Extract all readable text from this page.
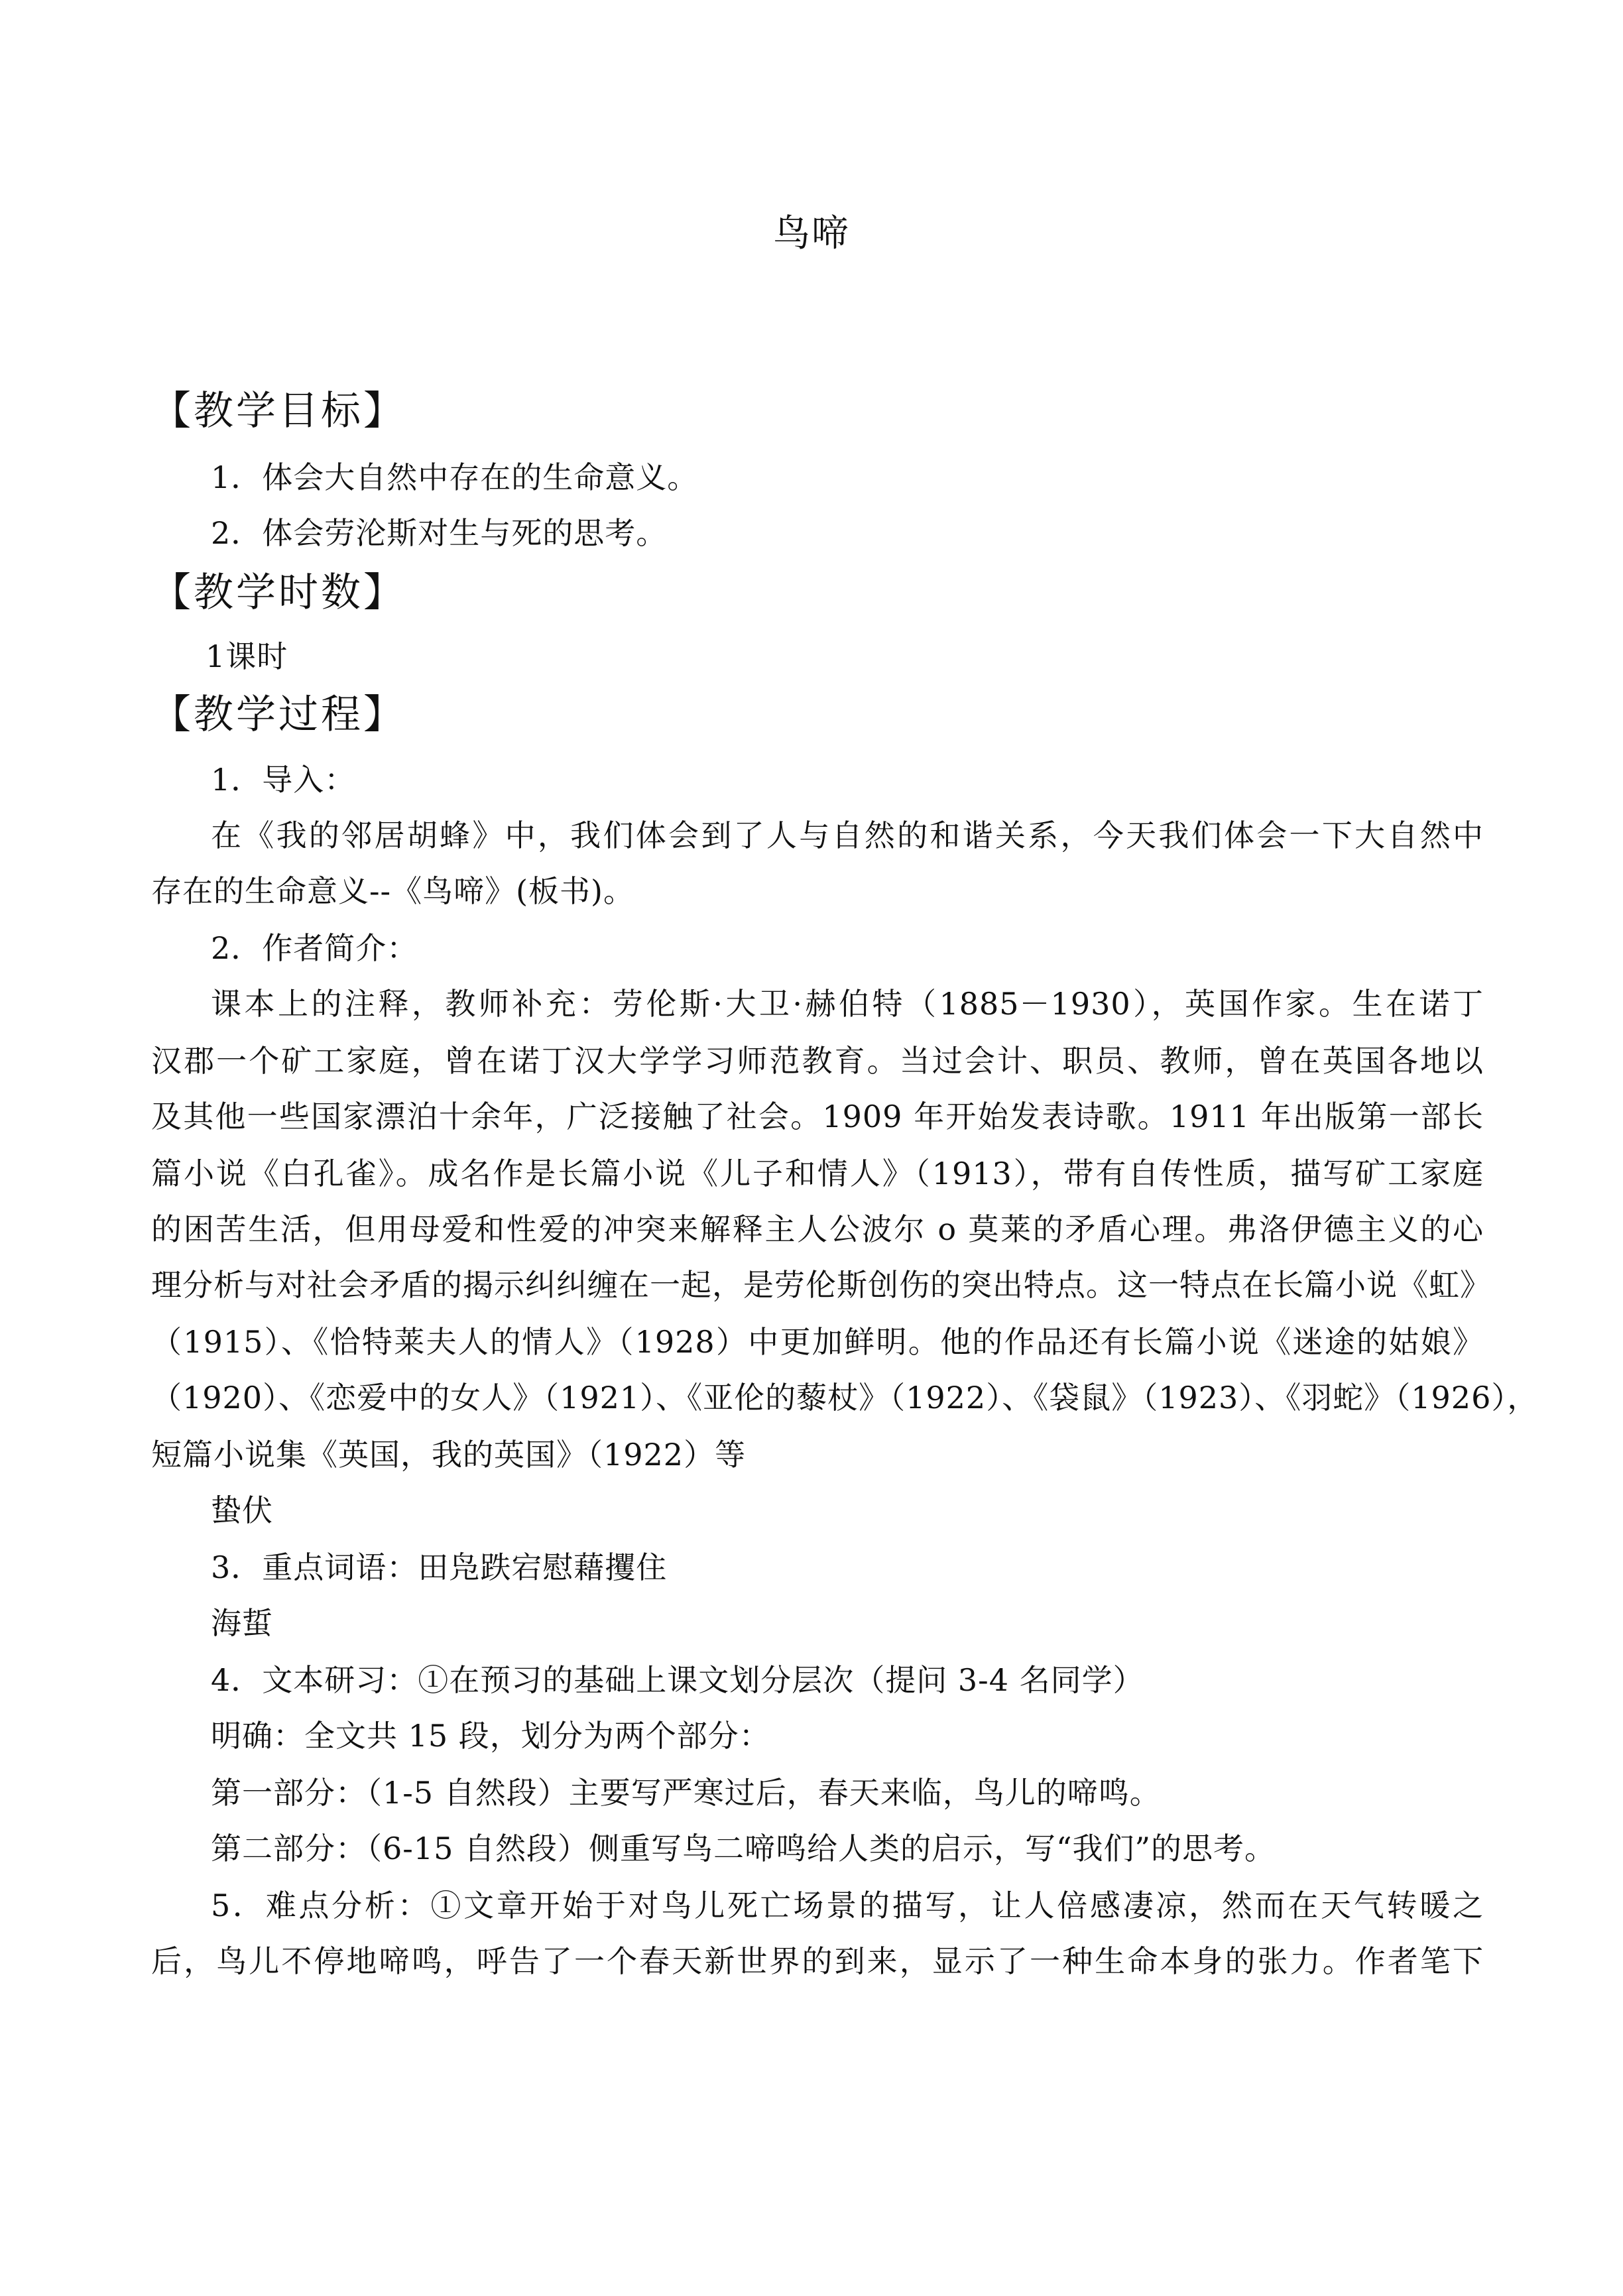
鸟啼
【教学目标】
1．体会大自然中存在的生命意义。
2．体会劳沦斯对生与死的思考。
【教学时数】
1课时
【教学过程】
1．导入：
在《我的邻居胡蜂》中，我们体会到了人与自然的和谐关系，今天我们体会一下大自然中
存在的生命意义--《鸟啼》(板书)。
2．作者简介：
课本上的注释，教师补充：劳伦斯·大卫·赫伯特（1885－1930），英国作家。生在诺丁
汉郡一个矿工家庭，曾在诺丁汉大学学习师范教育。当过会计、职员、教师，曾在英国各地以
及其他一些国家漂泊十余年，广泛接触了社会。1909 年开始发表诗歌。1911 年出版第一部长
篇小说《白孔雀》。成名作是长篇小说《儿子和情人》（1913），带有自传性质，描写矿工家庭
的困苦生活，但用母爱和性爱的冲突来解释主人公波尔 o 莫莱的矛盾心理。弗洛伊德主义的心
理分析与对社会矛盾的揭示纠纠缠在一起，是劳伦斯创伤的突出特点。这一特点在长篇小说《虹》
（1915）、《恰特莱夫人的情人》（1928）中更加鲜明。他的作品还有长篇小说《迷途的姑娘》
（1920）、《恋爱中的女人》（1921）、《亚伦的藜杖》（1922）、《袋鼠》（1923）、《羽蛇》（1926），
短篇小说集《英国，我的英国》（1922）等
蛰伏
3．重点词语：田凫跌宕慰藉攫住
海蜇
4．文本研习：①在预习的基础上课文划分层次（提问 3-4 名同学）
明确：全文共 15 段，划分为两个部分：
第一部分：（1-5 自然段）主要写严寒过后，春天来临，鸟儿的啼鸣。
第二部分：（6-15 自然段）侧重写鸟二啼鸣给人类的启示，写“我们”的思考。
5．难点分析：①文章开始于对鸟儿死亡场景的描写，让人倍感凄凉，然而在天气转暖之
后，鸟儿不停地啼鸣，呼告了一个春天新世界的到来，显示了一种生命本身的张力。作者笔下
